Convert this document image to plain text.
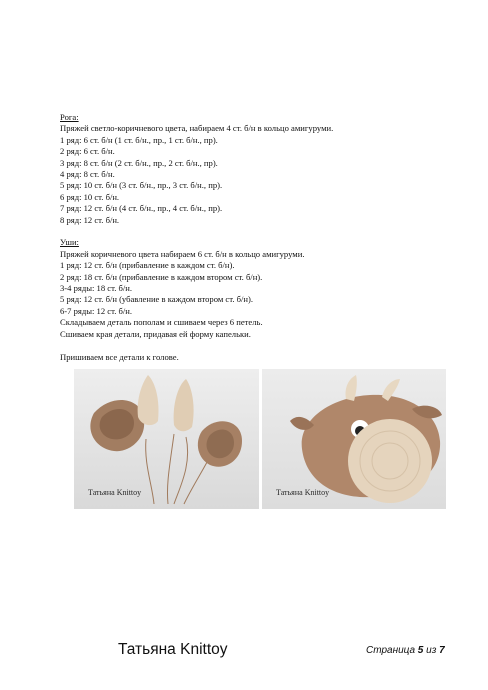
Рога:
Пряжей светло-коричневого цвета, набираем 4 ст. б/н в кольцо амигуруми.
1 ряд: 6 ст. б/н (1 ст. б/н., пр., 1 ст. б/н., пр).
2 ряд: 6 ст. б/н.
3 ряд: 8 ст. б/н (2 ст. б/н., пр., 2 ст. б/н., пр).
4 ряд: 8 ст. б/н.
5 ряд: 10 ст. б/н (3 ст. б/н., пр., 3 ст. б/н., пр).
6 ряд: 10 ст. б/н.
7 ряд: 12 ст. б/н (4 ст. б/н., пр., 4 ст. б/н., пр).
8 ряд: 12 ст. б/н.
Уши:
Пряжей коричневого цвета набираем 6 ст. б/н в кольцо амигуруми.
1 ряд: 12 ст. б/н (прибавление в каждом ст. б/н).
2 ряд: 18 ст. б/н (прибавление в каждом втором ст. б/н).
3-4 ряды: 18 ст. б/н.
5 ряд: 12 ст. б/н (убавление в каждом втором ст. б/н).
6-7 ряды: 12 ст. б/н.
Складываем деталь пополам и сшиваем через 6 петель.
Сшиваем края детали, придавая ей форму капельки.
Пришиваем все детали к голове.
Татьяна Knittoy	Татьяна Knittoy
Татьяна Knittoy	Страница 5 из 7
